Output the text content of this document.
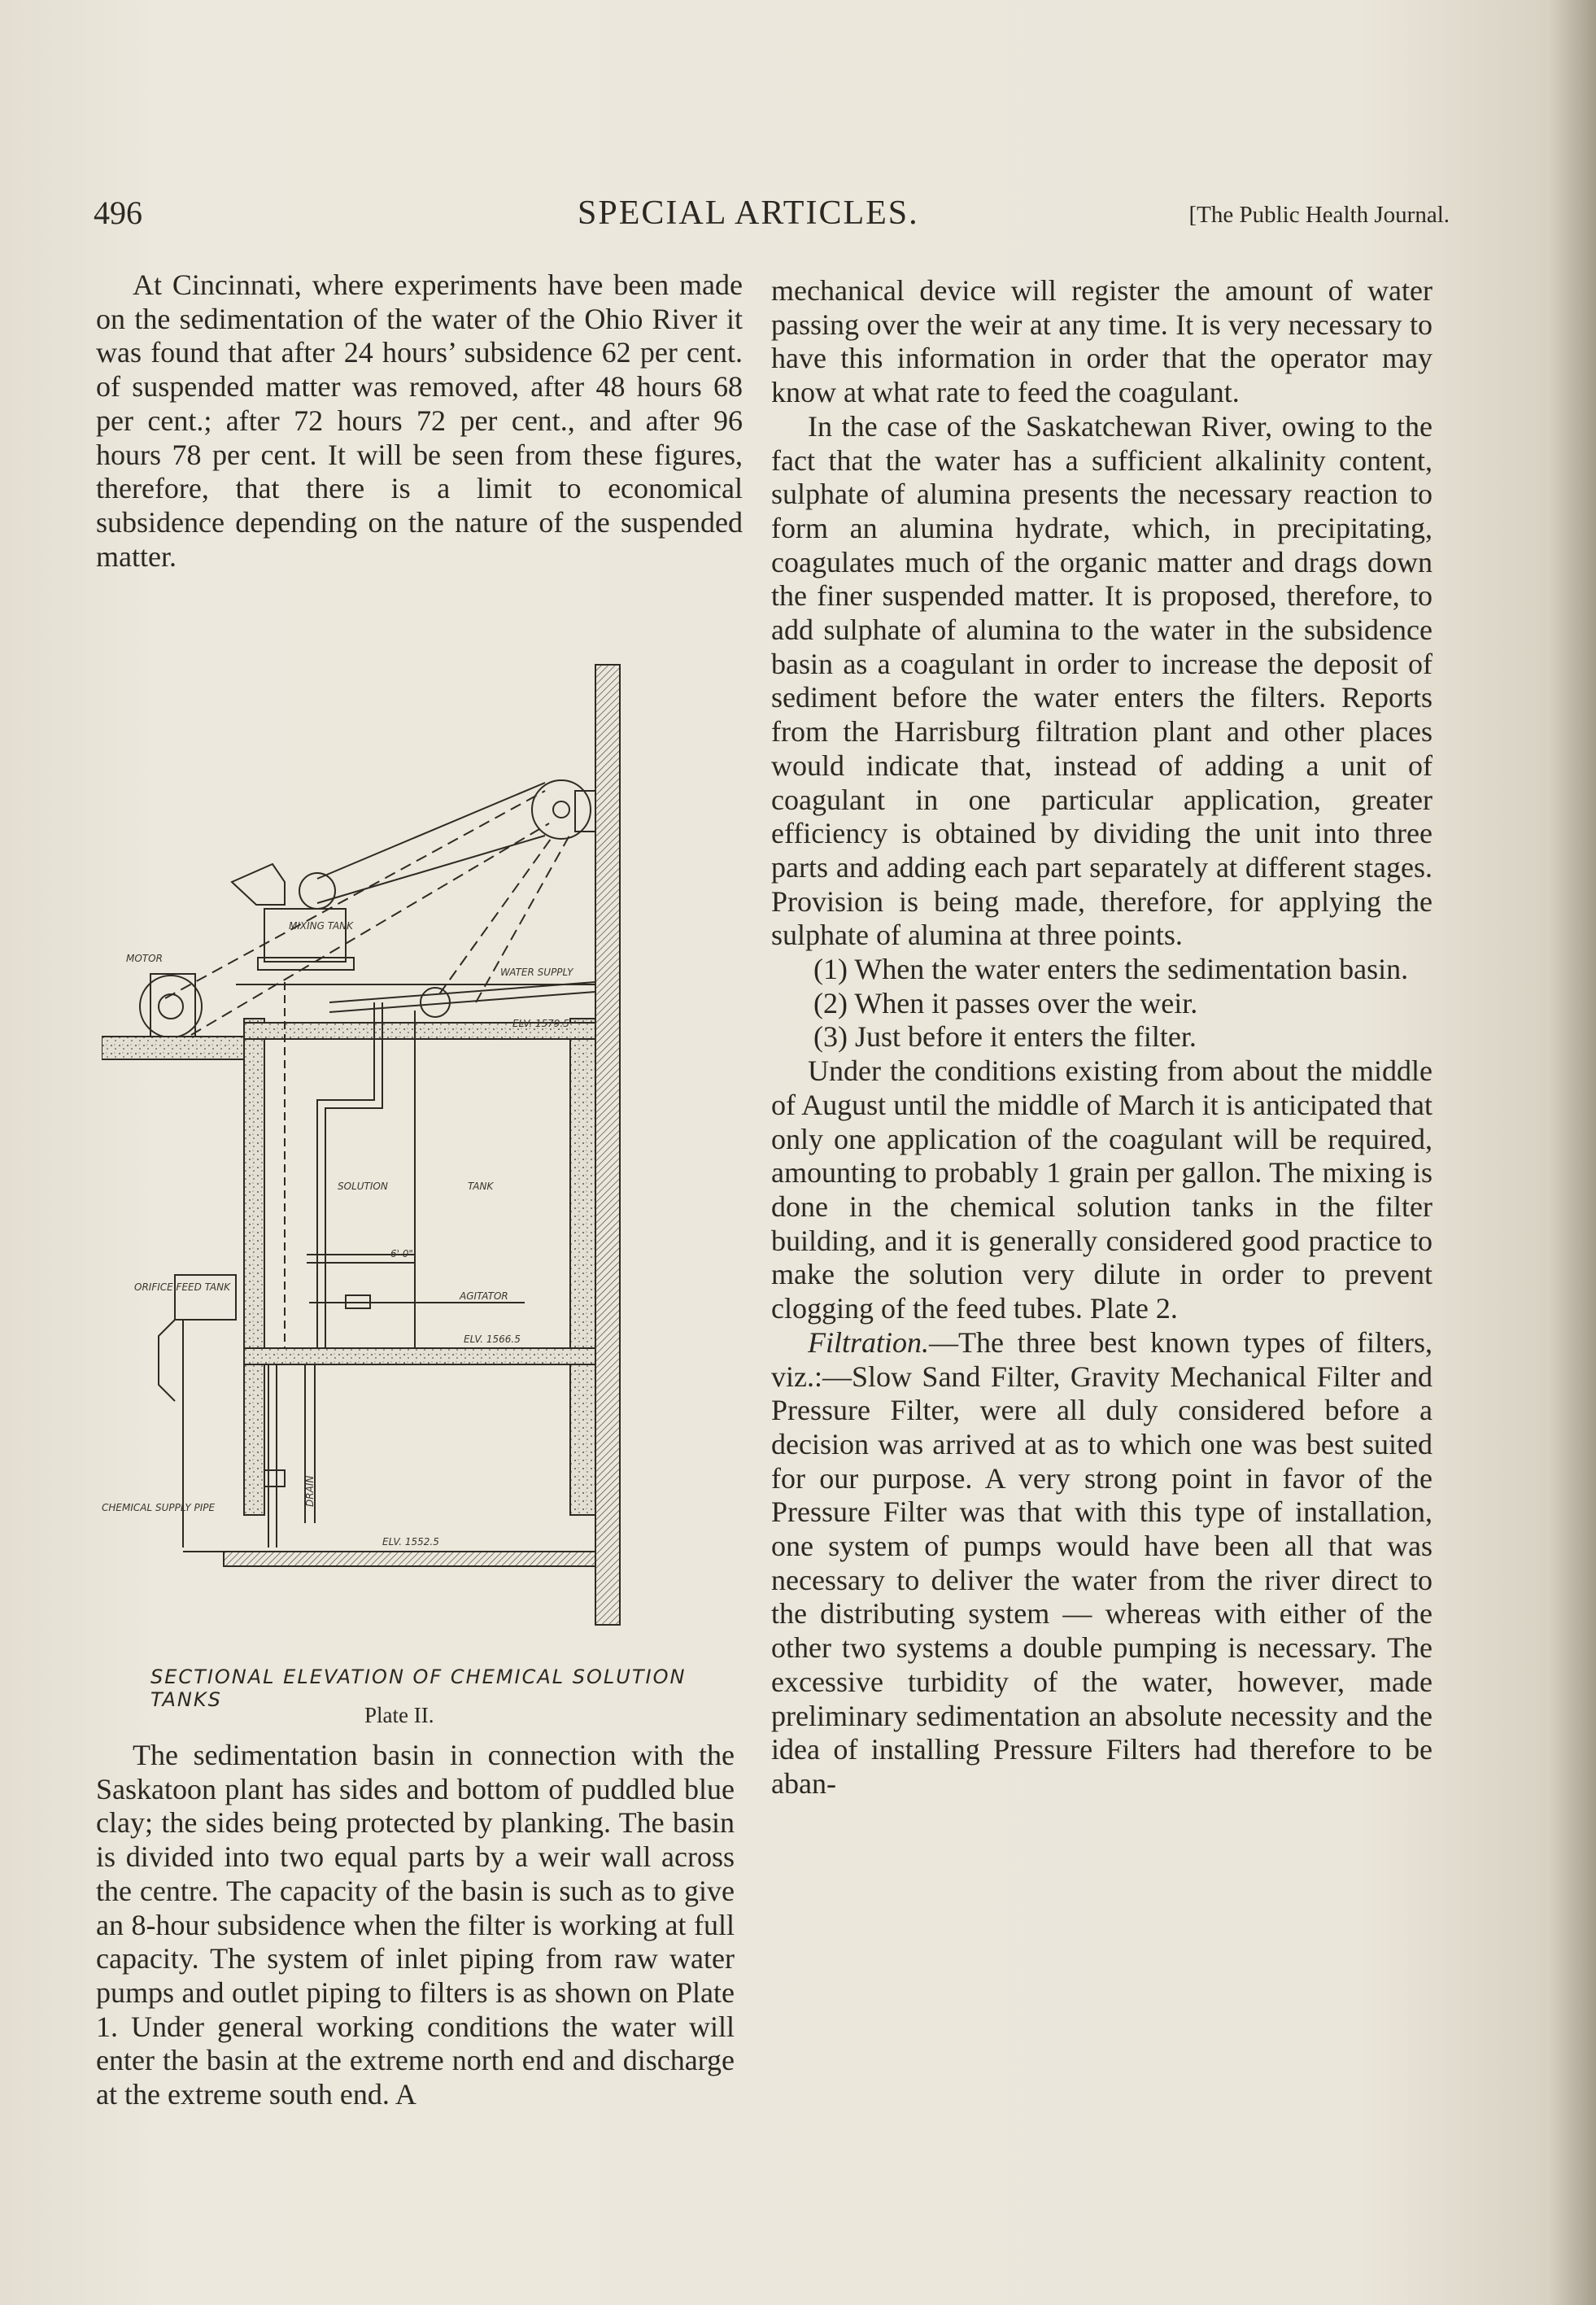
496	SPECIAL ARTICLES.	[The Public Health Journal.

At Cincinnati, where experiments have been made on the sedimentation of the water of the Ohio River it was found that after 24 hours’ subsidence 62 per cent. of suspended matter was removed, after 48 hours 68 per cent.; after 72 hours 72 per cent., and after 96 hours 78 per cent. It will be seen from these figures, therefore, that there is a limit to economical subsidence depending on the nature of the suspended matter.

MOTOR
MIXING TANK
WATER SUPPLY
ELV. 1579.5
SOLUTION	TANK
6' 0"
ORIFICE FEED TANK
AGITATOR
ELV. 1566.5
CHEMICAL SUPPLY PIPE
DRAIN
ELV. 1552.5
SECTIONAL ELEVATION OF CHEMICAL SOLUTION TANKS
Plate II.

The sedimentation basin in connection with the Saskatoon plant has sides and bottom of puddled blue clay; the sides being protected by planking. The basin is divided into two equal parts by a weir wall across the centre. The capacity of the basin is such as to give an 8-hour subsidence when the filter is working at full capacity. The system of inlet piping from raw water pumps and outlet piping to filters is as shown on Plate 1. Under general working conditions the water will enter the basin at the extreme north end and discharge at the extreme south end. A

mechanical device will register the amount of water passing over the weir at any time. It is very necessary to have this information in order that the operator may know at what rate to feed the coagulant.

In the case of the Saskatchewan River, owing to the fact that the water has a sufficient alkalinity content, sulphate of alumina presents the necessary reaction to form an alumina hydrate, which, in precipitating, coagulates much of the organic matter and drags down the finer suspended matter. It is proposed, therefore, to add sulphate of alumina to the water in the subsidence basin as a coagulant in order to increase the deposit of sediment before the water enters the filters. Reports from the Harrisburg filtration plant and other places would indicate that, instead of adding a unit of coagulant in one particular application, greater efficiency is obtained by dividing the unit into three parts and adding each part separately at different stages. Provision is being made, therefore, for applying the sulphate of alumina at three points.

(1) When the water enters the sedimentation basin.

(2) When it passes over the weir.

(3) Just before it enters the filter.

Under the conditions existing from about the middle of August until the middle of March it is anticipated that only one application of the coagulant will be required, amounting to probably 1 grain per gallon. The mixing is done in the chemical solution tanks in the filter building, and it is generally considered good practice to make the solution very dilute in order to prevent clogging of the feed tubes. Plate 2.

Filtration.—The three best known types of filters, viz.:—Slow Sand Filter, Gravity Mechanical Filter and Pressure Filter, were all duly considered before a decision was arrived at as to which one was best suited for our purpose. A very strong point in favor of the Pressure Filter was that with this type of installation, one system of pumps would have been all that was necessary to deliver the water from the river direct to the distributing system — whereas with either of the other two systems a double pumping is necessary. The excessive turbidity of the water, however, made preliminary sedimentation an absolute necessity and the idea of installing Pressure Filters had therefore to be aban-
